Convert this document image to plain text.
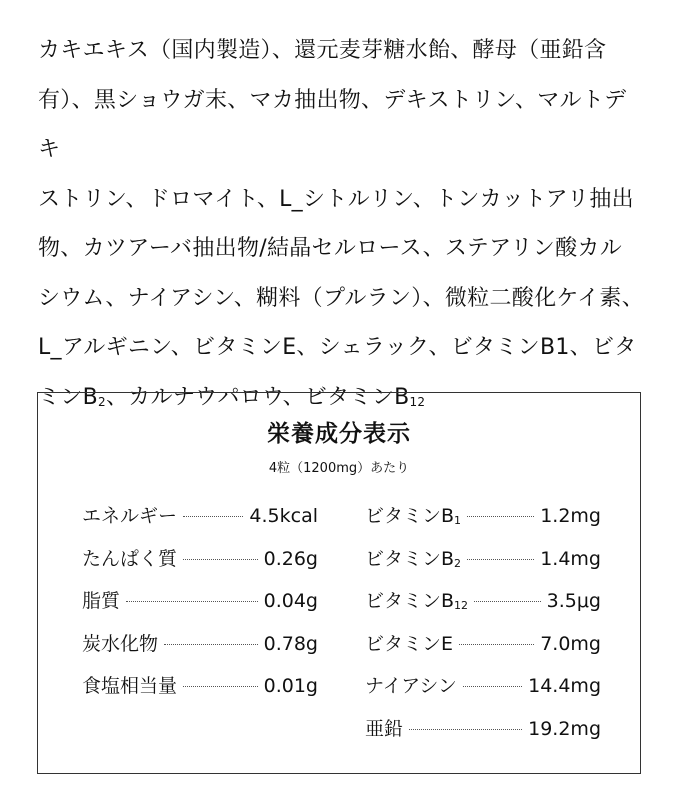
カキエキス（国内製造）、還元麦芽糖水飴、酵母（亜鉛含
有）、黒ショウガ末、マカ抽出物、デキストリン、マルトデキ
ストリン、ドロマイト、L_シトルリン、トンカットアリ抽出
物、カツアーバ抽出物/結晶セルロース、ステアリン酸カル
シウム、ナイアシン、糊料（プルラン）、微粒二酸化ケイ素、
L_アルギニン、ビタミンE、シェラック、ビタミンB1、ビタ
ミン$B_2$、カルナウパロウ、ビタミン$B_{12}$
栄養成分表示
4粒（1200mg）あたり
エネルギー	4.5kcal
たんぱく質	0.26g
脂質	0.04g
炭水化物	0.78g
食塩相当量	0.01g
ビタミン$B_1$	1.2mg
ビタミン$B_2$	1.4mg
ビタミン$B_{12}$	3.5μg
ビタミンE	7.0mg
ナイアシン	14.4mg
亜鉛	19.2mg
